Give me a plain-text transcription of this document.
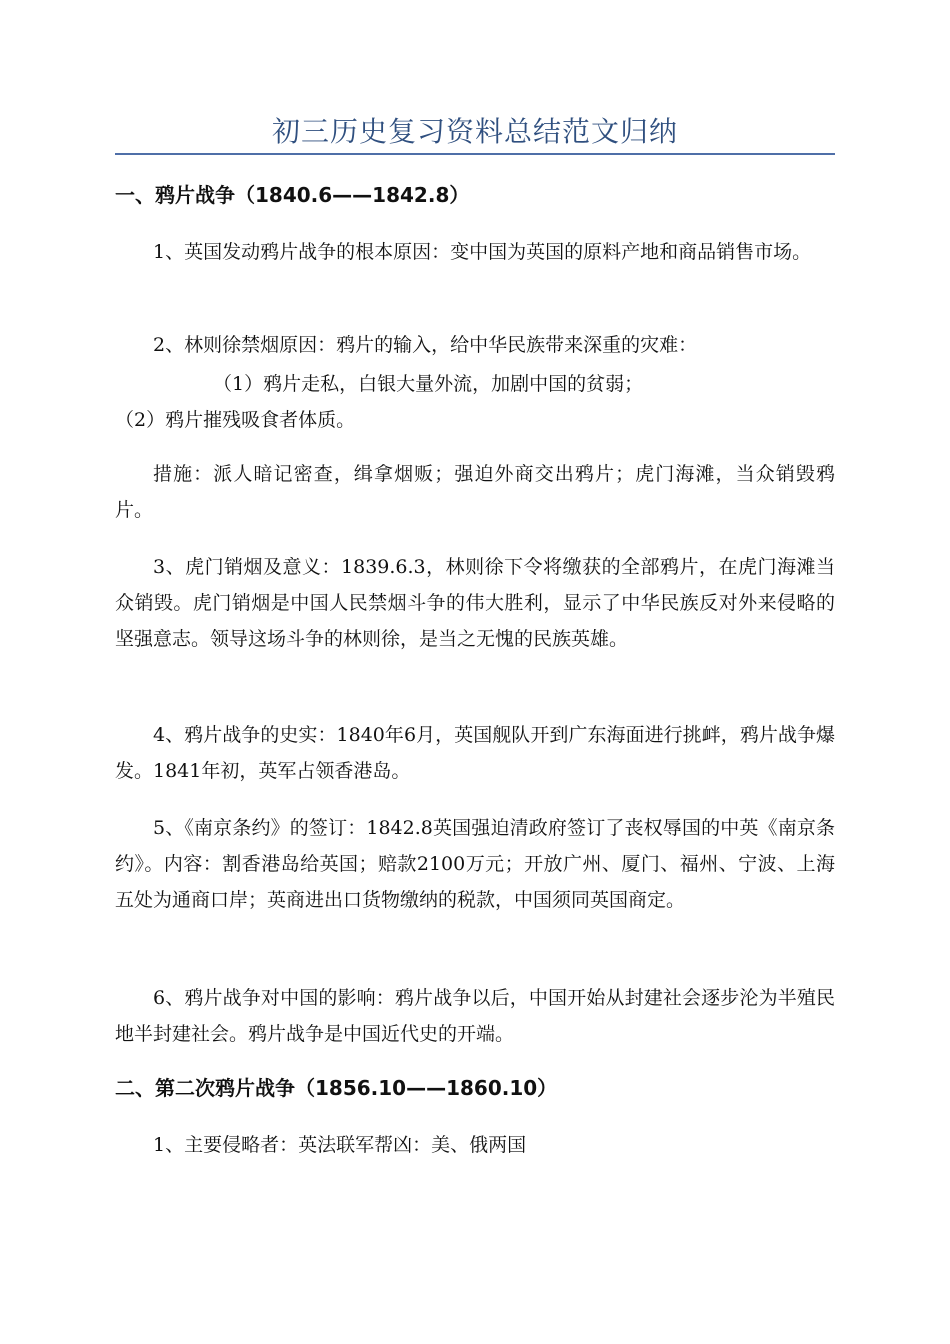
初三历史复习资料总结范文归纳
一、鸦片战争（1840.6——1842.8）

1、英国发动鸦片战争的根本原因：变中国为英国的原料产地和商品销售市场。

2、林则徐禁烟原因：鸦片的输入，给中华民族带来深重的灾难：

（1）鸦片走私，白银大量外流，加剧中国的贫弱；

（2）鸦片摧残吸食者体质。

措施：派人暗记密查，缉拿烟贩；强迫外商交出鸦片；虎门海滩，当众销毁鸦片。

3、虎门销烟及意义：1839.6.3，林则徐下令将缴获的全部鸦片，在虎门海滩当众销毁。虎门销烟是中国人民禁烟斗争的伟大胜利，显示了中华民族反对外来侵略的坚强意志。领导这场斗争的林则徐，是当之无愧的民族英雄。

4、鸦片战争的史实：1840年6月，英国舰队开到广东海面进行挑衅，鸦片战争爆发。1841年初，英军占领香港岛。

5、《南京条约》的签订：1842.8英国强迫清政府签订了丧权辱国的中英《南京条约》。内容：割香港岛给英国；赔款2100万元；开放广州、厦门、福州、宁波、上海五处为通商口岸；英商进出口货物缴纳的税款，中国须同英国商定。

6、鸦片战争对中国的影响：鸦片战争以后，中国开始从封建社会逐步沦为半殖民地半封建社会。鸦片战争是中国近代史的开端。

二、第二次鸦片战争（1856.10——1860.10）

1、主要侵略者：英法联军帮凶：美、俄两国
